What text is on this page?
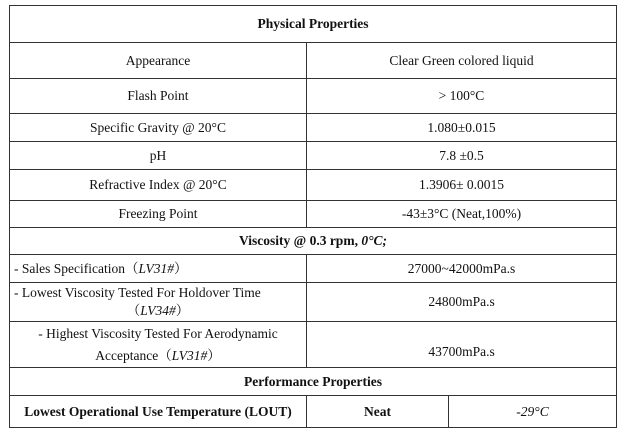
Physical Properties		
Appearance	Clear Green colored liquid	
Flash Point	> 100°C	
Specific Gravity @ 20°C	1.080±0.015	
pH	7.8 ±0.5	
Refractive Index @ 20°C	1.3906± 0.0015	
Freezing Point	-43±3°C (Neat,100%)	
Viscosity @ 0.3 rpm, 0°C;		
- Sales Specification（LV31#）	27000~42000mPa.s	

- Lowest Viscosity Tested For Holdover Time
（LV34#）	24800mPa.s	

- Highest Viscosity Tested For Aerodynamic
Acceptance（LV31#）	43700mPa.s	
Performance Properties		
Lowest Operational Use Temperature (LOUT)	Neat	-29°C
